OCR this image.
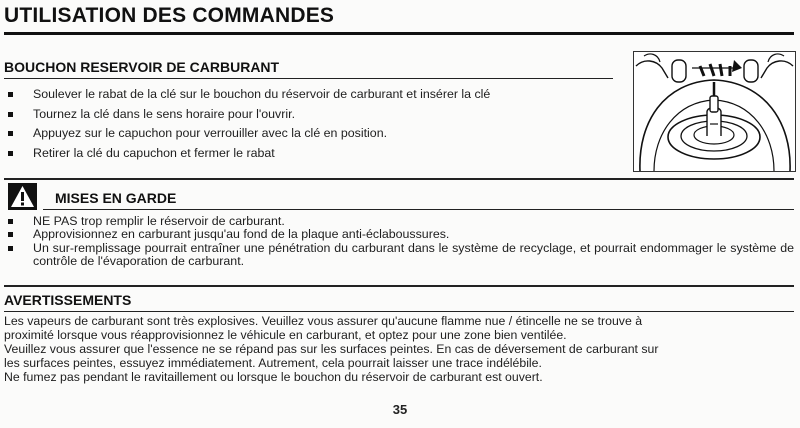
UTILISATION DES COMMANDES
BOUCHON RESERVOIR DE CARBURANT
Soulever le rabat de la clé sur le bouchon du réservoir de carburant et insérer la clé
Tournez la clé dans le sens horaire pour l'ouvrir.
Appuyez sur le capuchon pour verrouiller avec la clé en position.
Retirer la clé du capuchon et fermer le rabat
MISES EN GARDE
NE PAS trop remplir le réservoir de carburant.
Approvisionnez en carburant jusqu'au fond de la plaque anti-éclaboussures.
Un sur-remplissage pourrait entraîner une pénétration du carburant dans le système de recyclage, et pourrait endommager le système de contrôle de l'évaporation de carburant.
AVERTISSEMENTS
Les vapeurs de carburant sont très explosives. Veuillez vous assurer qu'aucune flamme nue / étincelle ne se trouve à
proximité lorsque vous réapprovisionnez le véhicule en carburant, et optez pour une zone bien ventilée.
Veuillez vous assurer que l'essence ne se répand pas sur les surfaces peintes. En cas de déversement de carburant sur
les surfaces peintes, essuyez immédiatement. Autrement, cela pourrait laisser une trace indélébile.
Ne fumez pas pendant le ravitaillement ou lorsque le bouchon du réservoir de carburant est ouvert.
35
